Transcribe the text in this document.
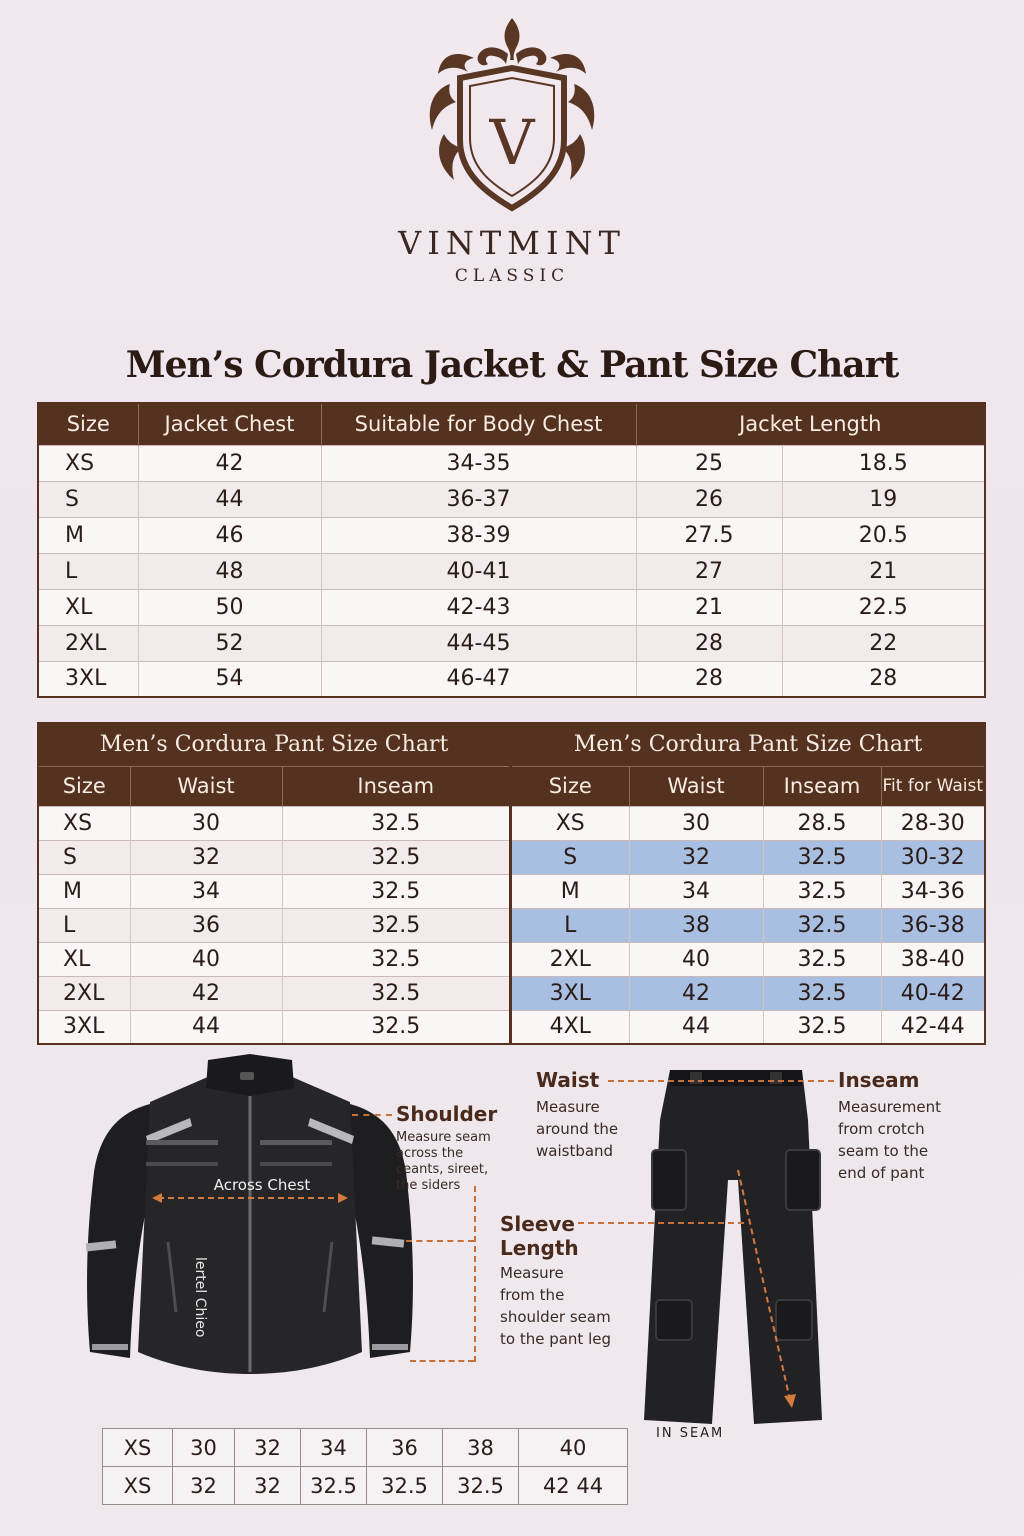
V
VINTMINT
CLASSIC
Men’s Cordura Jacket & Pant Size Chart
Size	Jacket Chest	Suitable for Body Chest	Jacket Length	
XS	42	34-35	25	18.5
S	44	36-37	26	19
M	46	38-39	27.5	20.5
L	48	40-41	27	21
XL	50	42-43	21	22.5
2XL	52	44-45	28	22
3XL	54	46-47	28	28
Men’s Cordura Pant Size Chart		
Size	Waist	Inseam
XS	30	32.5
S	32	32.5
M	34	32.5
L	36	32.5
XL	40	32.5
2XL	42	32.5
3XL	44	32.5
Men’s Cordura Pant Size Chart			
Size	Waist	Inseam	Fit for Waist
XS	30	28.5	28-30
S	32	32.5	30-32
M	34	32.5	34-36
L	38	32.5	36-38
2XL	40	32.5	38-40
3XL	42	32.5	40-42
4XL	44	32.5	42-44
Across Chest
lertel Chieo
Shoulder
Measure seam
across the
ceants, sireet,
the siders
Waist
Measure
around the
waistband
Inseam
Measurement
from crotch
seam to the
end of pant
Sleeve
Length
Measure
from the
shoulder seam
to the pant leg
IN SEAM
XS	30	32	34	36	38	40
XS	32	32	32.5	32.5	32.5	42 44
